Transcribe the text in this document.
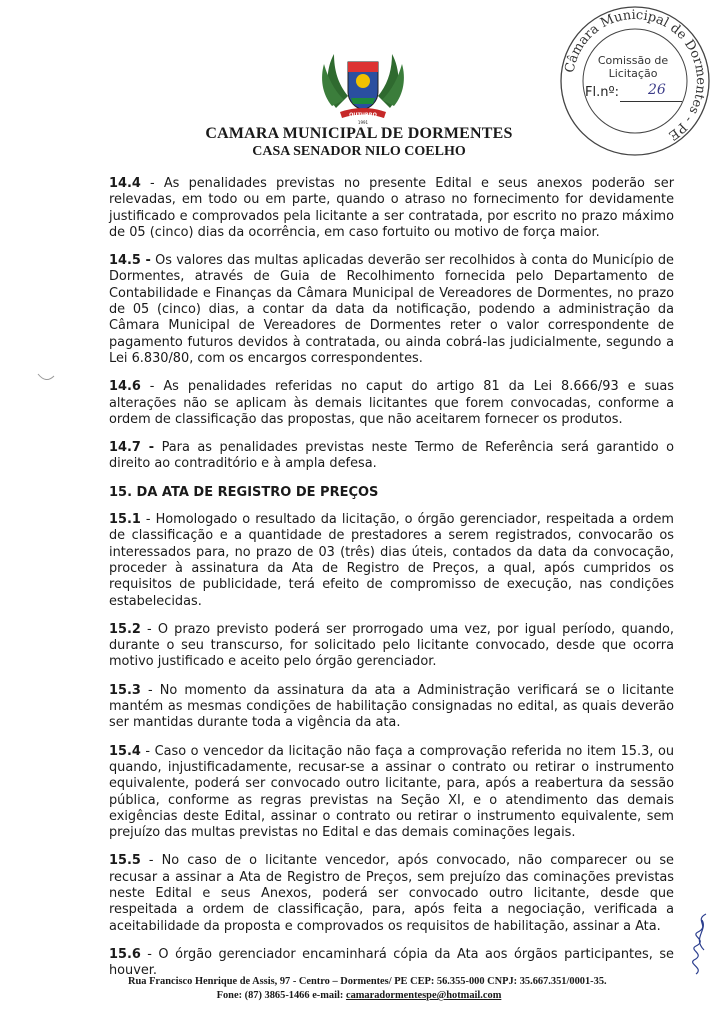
OUTUBRO
1991
CAMARA MUNICIPAL DE DORMENTES
CASA SENADOR NILO COELHO
Câmara Municipal de Dormentes - PE
Comissão de
Licitação
Fl.nº: 26

14.4 - As penalidades previstas no presente Edital e seus anexos poderão ser relevadas, em todo ou em parte, quando o atraso no fornecimento for devidamente justificado e comprovados pela licitante a ser contratada, por escrito no prazo máximo de 05 (cinco) dias da ocorrência, em caso fortuito ou motivo de força maior.

14.5 - Os valores das multas aplicadas deverão ser recolhidos à conta do Município de Dormentes, através de Guia de Recolhimento fornecida pelo Departamento de Contabilidade e Finanças da Câmara Municipal de Vereadores de Dormentes, no prazo de 05 (cinco) dias, a contar da data da notificação, podendo a administração da Câmara Municipal de Vereadores de Dormentes reter o valor correspondente de pagamento futuros devidos à contratada, ou ainda cobrá-las judicialmente, segundo a Lei 6.830/80, com os encargos correspondentes.

14.6 - As penalidades referidas no caput do artigo 81 da Lei 8.666/93 e suas alterações não se aplicam às demais licitantes que forem convocadas, conforme a ordem de classificação das propostas, que não aceitarem fornecer os produtos.

14.7 - Para as penalidades previstas neste Termo de Referência será garantido o direito ao contraditório e à ampla defesa.

15. DA ATA DE REGISTRO DE PREÇOS

15.1 - Homologado o resultado da licitação, o órgão gerenciador, respeitada a ordem de classificação e a quantidade de prestadores a serem registrados, convocarão os interessados para, no prazo de 03 (três) dias úteis, contados da data da convocação, proceder à assinatura da Ata de Registro de Preços, a qual, após cumpridos os requisitos de publicidade, terá efeito de compromisso de execução, nas condições estabelecidas.

15.2 - O prazo previsto poderá ser prorrogado uma vez, por igual período, quando, durante o seu transcurso, for solicitado pelo licitante convocado, desde que ocorra motivo justificado e aceito pelo órgão gerenciador.

15.3 - No momento da assinatura da ata a Administração verificará se o licitante mantém as mesmas condições de habilitação consignadas no edital, as quais deverão ser mantidas durante toda a vigência da ata.

15.4 - Caso o vencedor da licitação não faça a comprovação referida no item 15.3, ou quando, injustificadamente, recusar-se a assinar o contrato ou retirar o instrumento equivalente, poderá ser convocado outro licitante, para, após a reabertura da sessão pública, conforme as regras previstas na Seção XI, e o atendimento das demais exigências deste Edital, assinar o contrato ou retirar o instrumento equivalente, sem prejuízo das multas previstas no Edital e das demais cominações legais.

15.5 - No caso de o licitante vencedor, após convocado, não comparecer ou se recusar a assinar a Ata de Registro de Preços, sem prejuízo das cominações previstas neste Edital e seus Anexos, poderá ser convocado outro licitante, desde que respeitada a ordem de classificação, para, após feita a negociação, verificada a aceitabilidade da proposta e comprovados os requisitos de habilitação, assinar a Ata.

15.6 - O órgão gerenciador encaminhará cópia da Ata aos órgãos participantes, se houver.

Rua Francisco Henrique de Assis, 97 - Centro – Dormentes/ PE CEP: 56.355-000 CNPJ: 35.667.351/0001-35.
Fone: (87) 3865-1466 e-mail: camaradormentespe@hotmail.com
